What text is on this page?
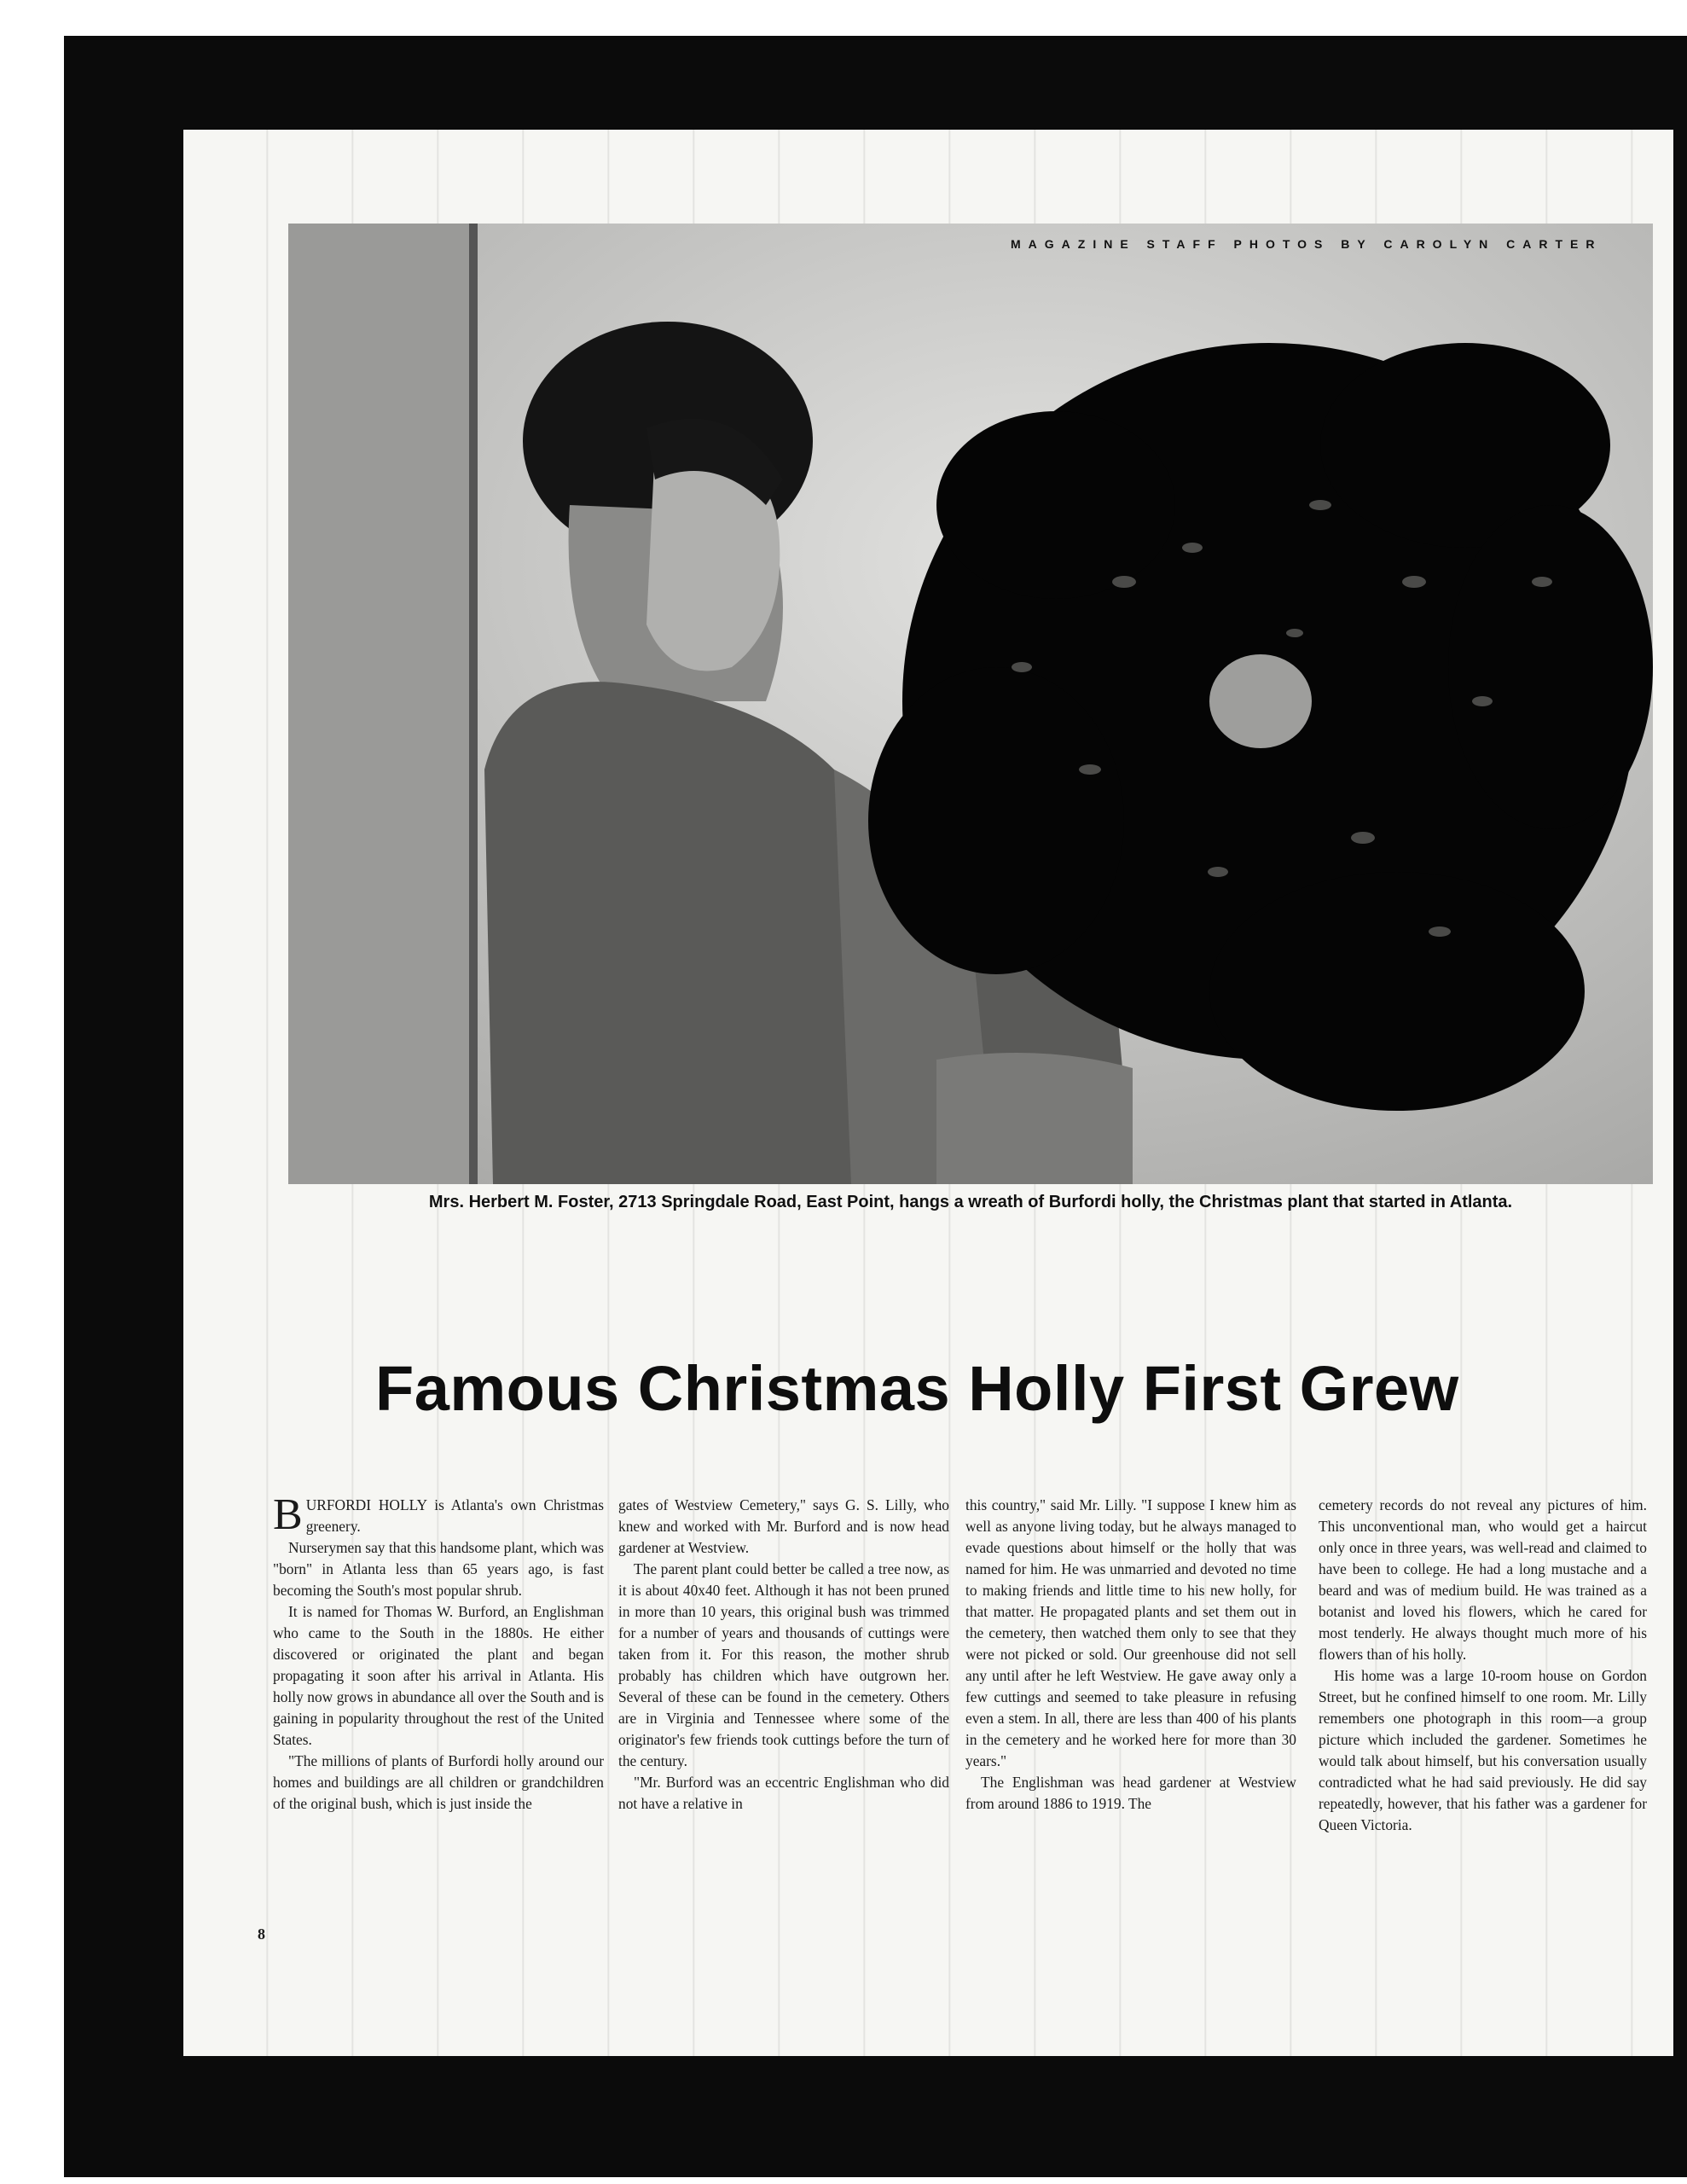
MAGAZINE STAFF PHOTOS BY CAROLYN CARTER
Mrs. Herbert M. Foster, 2713 Springdale Road, East Point, hangs a wreath of Burfordi holly, the Christmas plant that started in Atlanta.
Famous Christmas Holly First Grew

BURFORDI HOLLY is Atlanta's own Christmas greenery.

Nurserymen say that this handsome plant, which was "born" in Atlanta less than 65 years ago, is fast becoming the South's most popular shrub.

It is named for Thomas W. Burford, an Englishman who came to the South in the 1880s. He either discovered or originated the plant and began propagating it soon after his arrival in Atlanta. His holly now grows in abundance all over the South and is gaining in popularity throughout the rest of the United States.

"The millions of plants of Burfordi holly around our homes and buildings are all children or grandchildren of the original bush, which is just inside the

gates of Westview Cemetery," says G. S. Lilly, who knew and worked with Mr. Burford and is now head gardener at Westview.

The parent plant could better be called a tree now, as it is about 40x40 feet. Although it has not been pruned in more than 10 years, this original bush was trimmed for a number of years and thousands of cuttings were taken from it. For this reason, the mother shrub probably has children which have outgrown her. Several of these can be found in the cemetery. Others are in Virginia and Tennessee where some of the originator's few friends took cuttings before the turn of the century.

"Mr. Burford was an eccentric Englishman who did not have a relative in

this country," said Mr. Lilly. "I suppose I knew him as well as anyone living today, but he always managed to evade questions about himself or the holly that was named for him. He was unmarried and devoted no time to making friends and little time to his new holly, for that matter. He propagated plants and set them out in the cemetery, then watched them only to see that they were not picked or sold. Our greenhouse did not sell any until after he left Westview. He gave away only a few cuttings and seemed to take pleasure in refusing even a stem. In all, there are less than 400 of his plants in the cemetery and he worked here for more than 30 years."

The Englishman was head gardener at Westview from around 1886 to 1919. The

cemetery records do not reveal any pictures of him. This unconventional man, who would get a haircut only once in three years, was well-read and claimed to have been to college. He had a long mustache and a beard and was of medium build. He was trained as a botanist and loved his flowers, which he cared for most tenderly. He always thought much more of his flowers than of his holly.

His home was a large 10-room house on Gordon Street, but he confined himself to one room. Mr. Lilly remembers one photograph in this room—a group picture which included the gardener. Sometimes he would talk about himself, but his conversation usually contradicted what he had said previously. He did say repeatedly, however, that his father was a gardener for Queen Victoria.

8
